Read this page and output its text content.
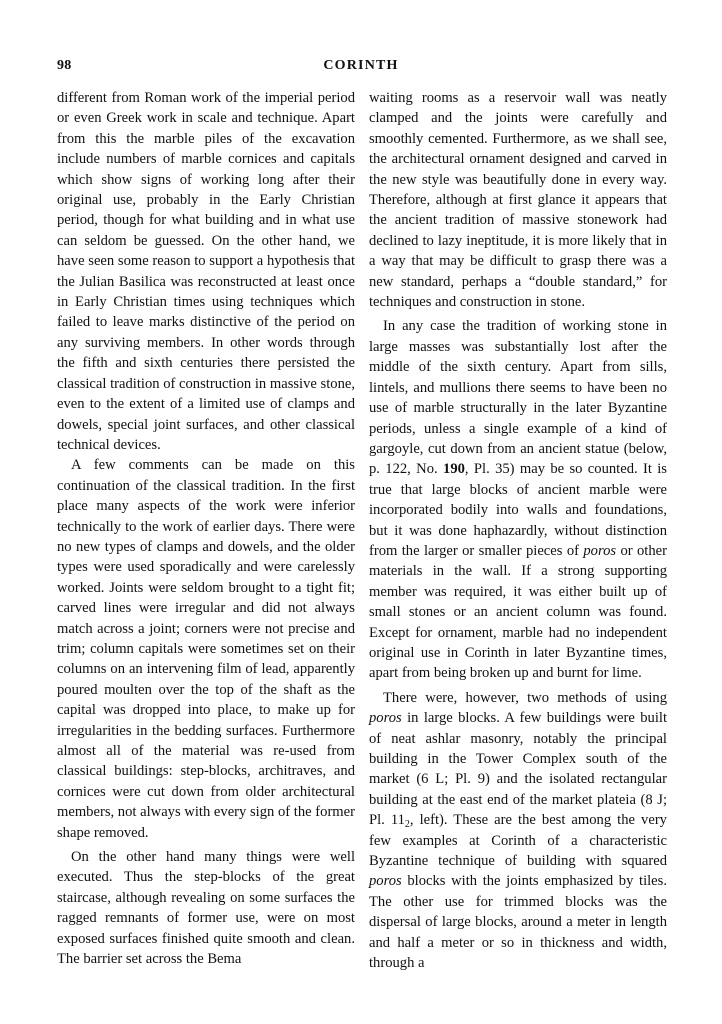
98	CORINTH

different from Roman work of the imperial period or even Greek work in scale and technique. Apart from this the marble piles of the excavation include numbers of marble cornices and capitals which show signs of working long after their original use, probably in the Early Christian period, though for what building and in what use can seldom be guessed. On the other hand, we have seen some reason to support a hypothesis that the Julian Basilica was reconstructed at least once in Early Christian times using techniques which failed to leave marks distinctive of the period on any surviving members. In other words through the fifth and sixth centuries there persisted the classical tradition of construction in massive stone, even to the extent of a limited use of clamps and dowels, special joint surfaces, and other classical technical devices.

A few comments can be made on this continuation of the classical tradition. In the first place many aspects of the work were inferior technically to the work of earlier days. There were no new types of clamps and dowels, and the older types were used sporadically and were carelessly worked. Joints were seldom brought to a tight fit; carved lines were irregular and did not always match across a joint; corners were not precise and trim; column capitals were sometimes set on their columns on an intervening film of lead, apparently poured moulten over the top of the shaft as the capital was dropped into place, to make up for irregularities in the bedding surfaces. Furthermore almost all of the material was re-used from classical buildings: step-blocks, architraves, and cornices were cut down from older architectural members, not always with every sign of the former shape removed.

On the other hand many things were well executed. Thus the step-blocks of the great staircase, although revealing on some surfaces the ragged remnants of former use, were on most exposed surfaces finished quite smooth and clean. The barrier set across the Bema

waiting rooms as a reservoir wall was neatly clamped and the joints were carefully and smoothly cemented. Furthermore, as we shall see, the architectural ornament designed and carved in the new style was beautifully done in every way. Therefore, although at first glance it appears that the ancient tradition of massive stonework had declined to lazy ineptitude, it is more likely that in a way that may be difficult to grasp there was a new standard, perhaps a “double standard,” for techniques and construction in stone.

In any case the tradition of working stone in large masses was substantially lost after the middle of the sixth century. Apart from sills, lintels, and mullions there seems to have been no use of marble structurally in the later Byzantine periods, unless a single example of a kind of gargoyle, cut down from an ancient statue (below, p. 122, No. 190, Pl. 35) may be so counted. It is true that large blocks of ancient marble were incorporated bodily into walls and foundations, but it was done haphazardly, without distinction from the larger or smaller pieces of poros or other materials in the wall. If a strong supporting member was required, it was either built up of small stones or an ancient column was found. Except for ornament, marble had no independent original use in Corinth in later Byzantine times, apart from being broken up and burnt for lime.

There were, however, two methods of using poros in large blocks. A few buildings were built of neat ashlar masonry, notably the principal building in the Tower Complex south of the market (6 L; Pl. 9) and the isolated rectangular building at the east end of the market plateia (8 J; Pl. $11_2$, left). These are the best among the very few examples at Corinth of a characteristic Byzantine technique of building with squared poros blocks with the joints emphasized by tiles. The other use for trimmed blocks was the dispersal of large blocks, around a meter in length and half a meter or so in thickness and width, through a
